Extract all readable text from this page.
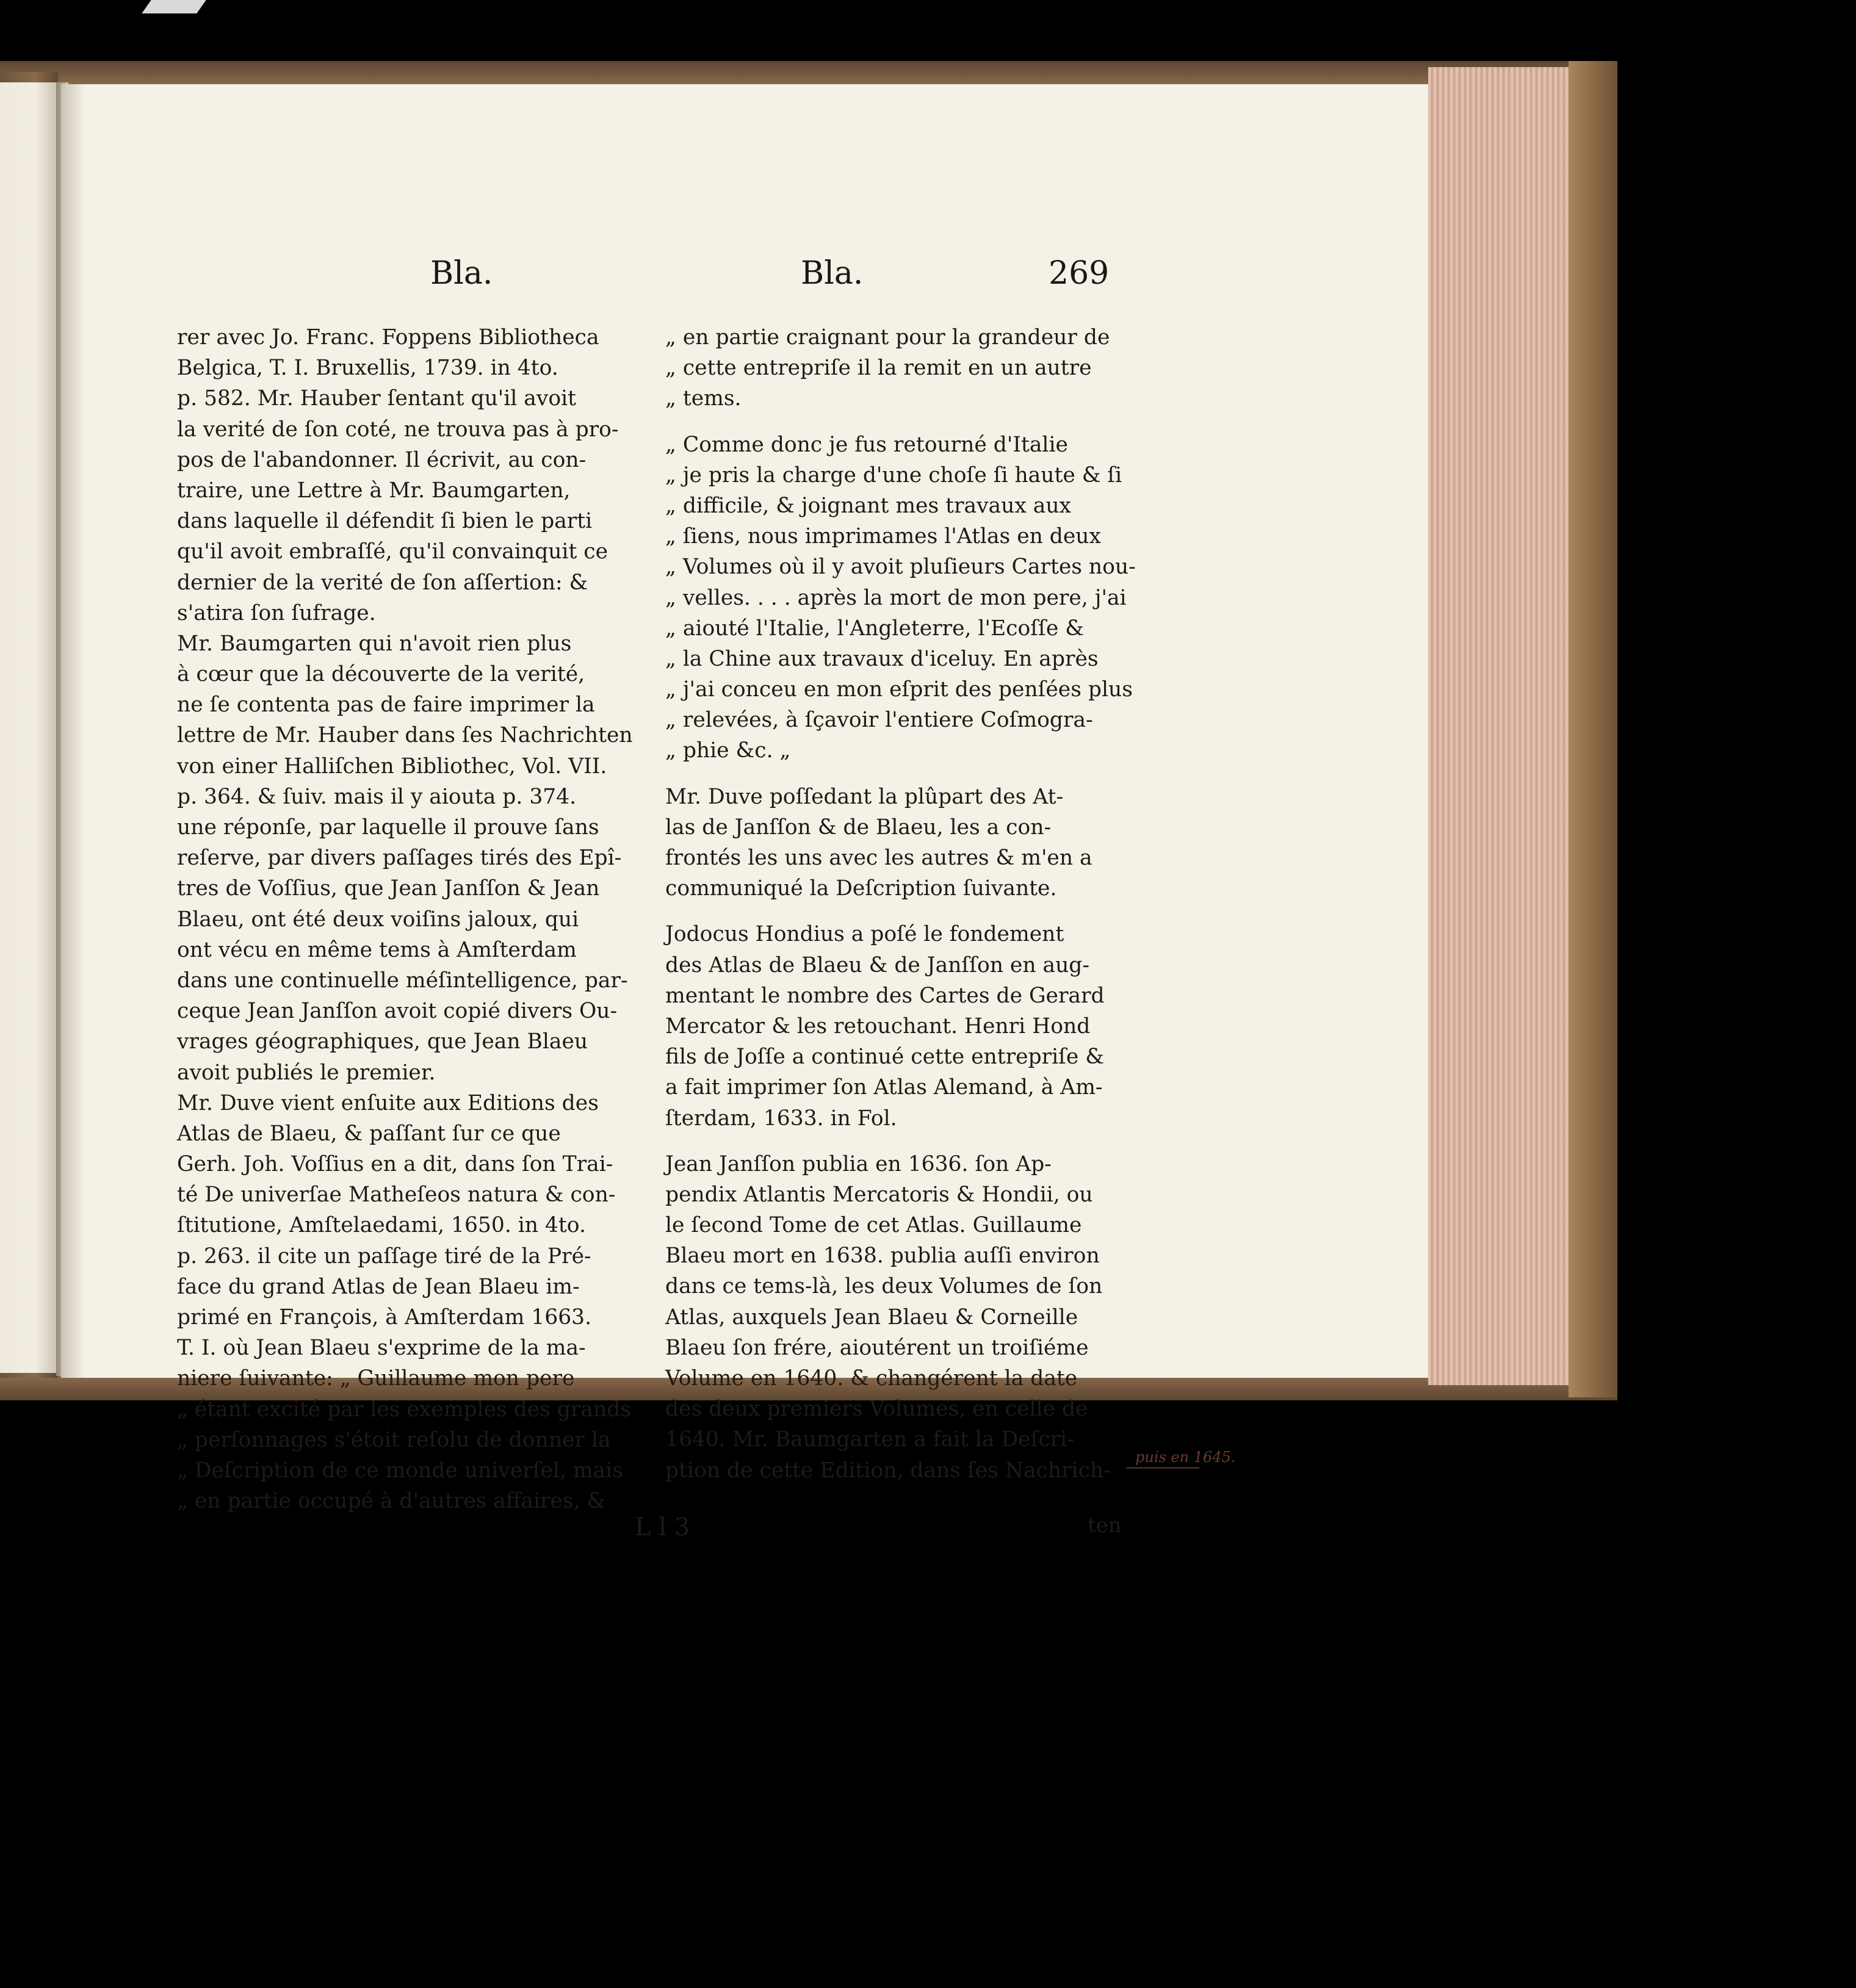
Bla.	Bla.	269
rer avec Jo. Franc. Foppens Bibliotheca
Belgica, T. I. Bruxellis, 1739. in 4to.
p. 582. Mr. Hauber ſentant qu'il avoit
la verité de ſon coté, ne trouva pas à pro-
pos de l'abandonner. Il écrivit, au con-
traire, une Lettre à Mr. Baumgarten,
dans laquelle il défendit ſi bien le parti
qu'il avoit embraſſé, qu'il convainquit ce
dernier de la verité de ſon aſſertion: &
s'atira ſon ſufrage.
Mr. Baumgarten qui n'avoit rien plus
à cœur que la découverte de la verité,
ne ſe contenta pas de faire imprimer la
lettre de Mr. Hauber dans ſes Nachrichten
von einer Halliſchen Bibliothec, Vol. VII.
p. 364. & ſuiv. mais il y aiouta p. 374.
une réponſe, par laquelle il prouve ſans
reſerve, par divers paſſages tirés des Epî-
tres de Voſſius, que Jean Janſſon & Jean
Blaeu, ont été deux voiſins jaloux, qui
ont vécu en même tems à Amſterdam
dans une continuelle méſintelligence, par-
ceque Jean Janſſon avoit copié divers Ou-
vrages géographiques, que Jean Blaeu
avoit publiés le premier.
Mr. Duve vient enſuite aux Editions des
Atlas de Blaeu, & paſſant ſur ce que
Gerh. Joh. Voſſius en a dit, dans ſon Trai-
té De univerſae Matheſeos natura & con-
ſtitutione, Amſtelaedami, 1650. in 4to.
p. 263. il cite un paſſage tiré de la Pré-
face du grand Atlas de Jean Blaeu im-
primé en François, à Amſterdam 1663.
T. I. où Jean Blaeu s'exprime de la ma-
niere ſuivante: „ Guillaume mon pere
„ étant excité par les exemples des grands
„ perſonnages s'étoit reſolu de donner la
„ Deſcription de ce monde univerſel, mais
„ en partie occupé à d'autres affaires, &
„ en partie craignant pour la grandeur de
„ cette entrepriſe il la remit en un autre
„ tems.
„ Comme donc je fus retourné d'Italie
„ je pris la charge d'une choſe ſi haute & ſi
„ difficile, & joignant mes travaux aux
„ ſiens, nous imprimames l'Atlas en deux
„ Volumes où il y avoit pluſieurs Cartes nou-
„ velles. . . . après la mort de mon pere, j'ai
„ aiouté l'Italie, l'Angleterre, l'Ecoſſe &
„ la Chine aux travaux d'iceluy. En après
„ j'ai conceu en mon eſprit des penſées plus
„ relevées, à ſçavoir l'entiere Coſmogra-
„ phie &c. „
Mr. Duve poſſedant la plûpart des At-
las de Janſſon & de Blaeu, les a con-
frontés les uns avec les autres & m'en a
communiqué la Deſcription ſuivante.
Jodocus Hondius a poſé le fondement
des Atlas de Blaeu & de Janſſon en aug-
mentant le nombre des Cartes de Gerard
Mercator & les retouchant. Henri Hond
fils de Joſſe a continué cette entrepriſe &
a fait imprimer ſon Atlas Alemand, à Am-
ſterdam, 1633. in Fol.
Jean Janſſon publia en 1636. ſon Ap-
pendix Atlantis Mercatoris & Hondii, ou
le ſecond Tome de cet Atlas. Guillaume
Blaeu mort en 1638. publia auſſi environ
dans ce tems-là, les deux Volumes de ſon
Atlas, auxquels Jean Blaeu & Corneille
Blaeu ſon frére, aioutérent un troiſiéme
Volume en 1640. & changérent la date
des deux premiers Volumes, en celle de
1640. Mr. Baumgarten a fait la Deſcri-
ption de cette Edition, dans ſes Nachrich-
puis en 1645.
L l 3	ten
